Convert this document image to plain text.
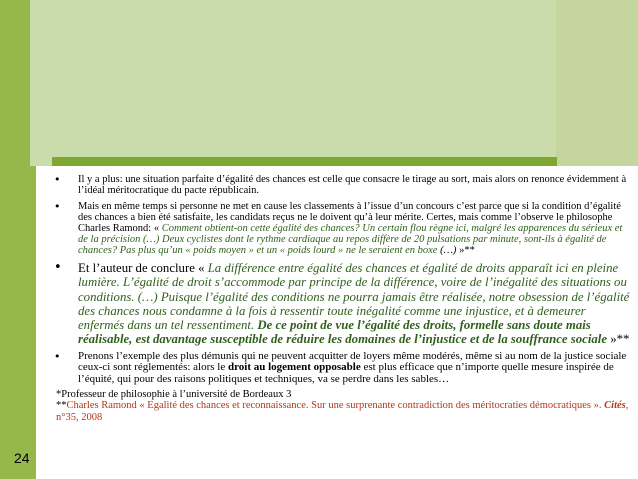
• Il y a plus: une situation parfaite d’égalité des chances est celle que consacre le tirage au sort, mais alors on renonce évidemment à l’idéal méritocratique du pacte républicain.
• Mais en même temps si personne ne met en cause les classements à l’issue d’un concours c’est parce que si la condition d’égalité des chances a bien été satisfaite, les candidats reçus ne le doivent qu’à leur mérite. Certes, mais comme l’observe le philosophe Charles Ramond: « Comment obtient-on cette égalité des chances? Un certain flou règne ici, malgré les apparences du sérieux et de la précision (…) Deux cyclistes dont le rythme cardiaque au repos diffère de 20 pulsations par minute, sont-ils à égalité de chances? Pas plus qu’un « poids moyen » et un « poids lourd » ne le seraient en boxe (…) »**
• Et l’auteur de conclure « La différence entre égalité des chances et égalité de droits apparaît ici en pleine lumière. L’égalité de droit s’accommode par principe de la différence, voire de l’inégalité des situations ou conditions. (…) Puisque l’égalité des conditions ne pourra jamais être réalisée, notre obsession de l’égalité des chances nous condamne à la fois à ressentir toute inégalité comme une injustice, et à demeurer enfermés dans un tel ressentiment. De ce point de vue l’égalité des droits, formelle sans doute mais réalisable, est davantage susceptible de réduire les domaines de l’injustice et de la souffrance sociale »**
• Prenons l’exemple des plus démunis qui ne peuvent acquitter de loyers même modérés, même si au nom de la justice sociale ceux-ci sont réglementés: alors le droit au logement opposable est plus efficace que n’importe quelle mesure inspirée de l’équité, qui pour des raisons politiques et techniques, va se perdre dans les sables…
*Professeur de philosophie à l’université de Bordeaux 3
**Charles Ramond « Egalité des chances et reconnaissance. Sur une surprenante contradiction des méritocraties démocratiques ». Cités, n°35, 2008
24
